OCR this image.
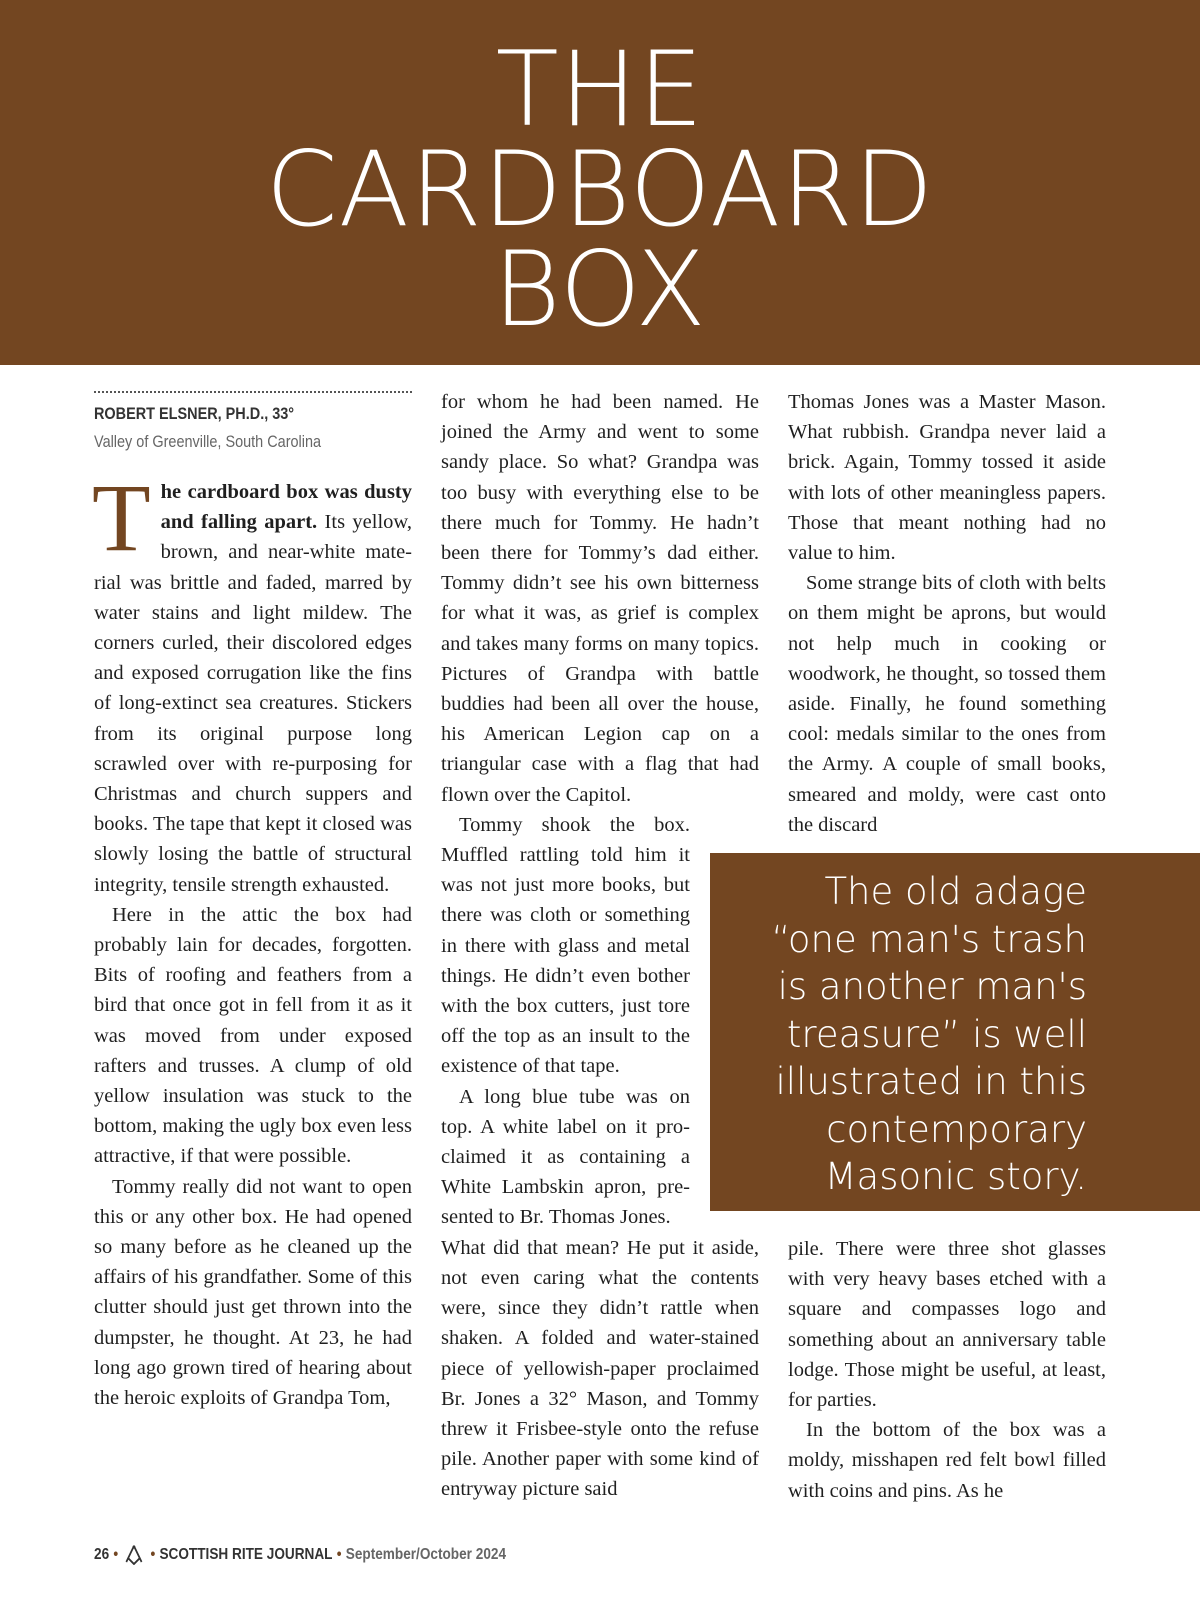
THE
CARDBOARD
BOX
ROBERT ELSNER, PH.D., 33°
Valley of Greenville, South Carolina

The cardboard box was dusty and falling apart. Its yellow, brown, and near-white material was brittle and faded, marred by water stains and light mildew. The corners curled, their discolored edges and exposed corrugation like the fins of long-extinct sea creatures. Stickers from its original purpose long scrawled over with re-purposing for Christmas and church suppers and books. The tape that kept it closed was slowly losing the battle of structural integrity, tensile strength exhausted.

Here in the attic the box had probably lain for decades, forgotten. Bits of roofing and feathers from a bird that once got in fell from it as it was moved from under exposed rafters and trusses. A clump of old yellow insulation was stuck to the bottom, making the ugly box even less attractive, if that were possible.

Tommy really did not want to open this or any other box. He had opened so many before as he cleaned up the affairs of his grandfather. Some of this clutter should just get thrown into the dumpster, he thought. At 23, he had long ago grown tired of hearing about the heroic exploits of Grandpa Tom,

for whom he had been named. He joined the Army and went to some sandy place. So what? Grandpa was too busy with everything else to be there much for Tommy. He hadn’t been there for Tommy’s dad either. Tommy didn’t see his own bitterness for what it was, as grief is complex and takes many forms on many topics. Pictures of Grandpa with battle buddies had been all over the house, his American Legion cap on a triangular case with a flag that had flown over the Capitol.

Tommy shook the box. Muffled rattling told him it was not just more books, but there was cloth or something in there with glass and metal things. He didn’t even bother with the box cutters, just tore off the top as an insult to the existence of that tape.

A long blue tube was on top. A white label on it proclaimed it as containing a White Lambskin apron, presented to Br. Thomas Jones.

What did that mean? He put it aside, not even caring what the contents were, since they didn’t rattle when shaken. A folded and water-stained piece of yellowish-paper proclaimed Br. Jones a 32° Mason, and Tommy threw it Frisbee-style onto the refuse pile. Another paper with some kind of entryway picture said

Thomas Jones was a Master Mason. What rubbish. Grandpa never laid a brick. Again, Tommy tossed it aside with lots of other meaningless papers. Those that meant nothing had no value to him.

Some strange bits of cloth with belts on them might be aprons, but would not help much in cooking or woodwork, he thought, so tossed them aside. Finally, he found something cool: medals similar to the ones from the Army. A couple of small books, smeared and moldy, were cast onto the discard

pile. There were three shot glasses with very heavy bases etched with a square and compasses logo and something about an anniversary table lodge. Those might be useful, at least, for parties.

In the bottom of the box was a moldy, misshapen red felt bowl filled with coins and pins. As he

The old adage
“one man's trash
is another man's
treasure” is well
illustrated in this
contemporary
Masonic story.
26 • • SCOTTISH RITE JOURNAL • September/October 2024
